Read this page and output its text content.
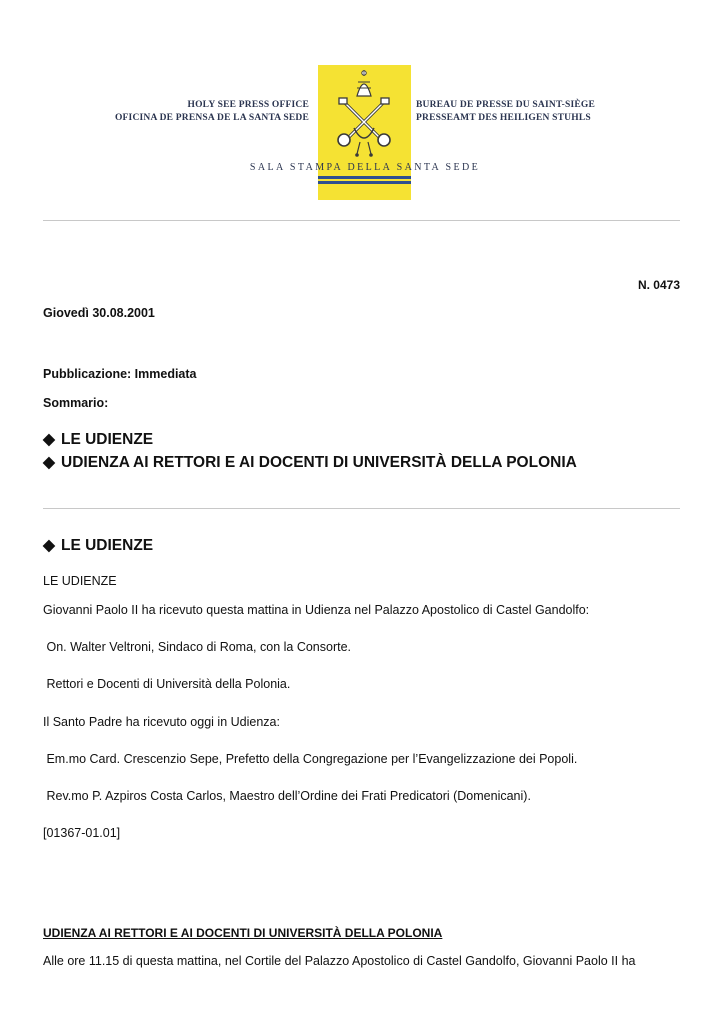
HOLY SEE PRESS OFFICE
OFICINA DE PRENSA DE LA SANTA SEDE
BUREAU DE PRESSE DU SAINT-SIÈGE
PRESSEAMT DES HEILIGEN STUHLS
SALA STAMPA DELLA SANTA SEDE
N. 0473
Giovedì 30.08.2001
Pubblicazione: Immediata
Sommario:
◆ LE UDIENZE
◆ UDIENZA AI RETTORI E AI DOCENTI DI UNIVERSITÀ DELLA POLONIA
◆ LE UDIENZE
LE UDIENZE
Giovanni Paolo II ha ricevuto questa mattina in Udienza nel Palazzo Apostolico di Castel Gandolfo:
On. Walter Veltroni, Sindaco di Roma, con la Consorte.
Rettori e Docenti di Università della Polonia.
Il Santo Padre ha ricevuto oggi in Udienza:
Em.mo Card. Crescenzio Sepe, Prefetto della Congregazione per l’Evangelizzazione dei Popoli.
Rev.mo P. Azpiros Costa Carlos, Maestro dell’Ordine dei Frati Predicatori (Domenicani).
[01367-01.01]
UDIENZA AI RETTORI E AI DOCENTI DI UNIVERSITÀ DELLA POLONIA
Alle ore 11.15 di questa mattina, nel Cortile del Palazzo Apostolico di Castel Gandolfo, Giovanni Paolo II ha
